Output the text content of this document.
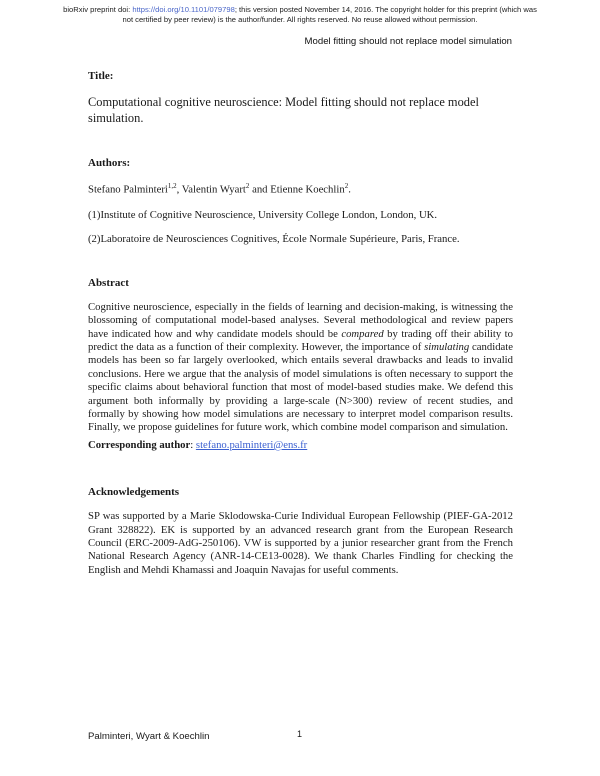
bioRxiv preprint doi: https://doi.org/10.1101/079798; this version posted November 14, 2016. The copyright holder for this preprint (which was
not certified by peer review) is the author/funder. All rights reserved. No reuse allowed without permission.
Model fitting should not replace model simulation

Title:

Computational cognitive neuroscience: Model fitting should not replace model simulation.

Authors:

Stefano Palminteri$^{1,2}$, Valentin Wyart$^2$ and Etienne Koechlin$^2$.

(1)Institute of Cognitive Neuroscience, University College London, London, UK.

(2)Laboratoire de Neurosciences Cognitives, École Normale Supérieure, Paris, France.

Abstract

Cognitive neuroscience, especially in the fields of learning and decision-making, is witnessing the blossoming of computational model-based analyses. Several methodological and review papers have indicated how and why candidate models should be compared by trading off their ability to predict the data as a function of their complexity. However, the importance of simulating candidate models has been so far largely overlooked, which entails several drawbacks and leads to invalid conclusions. Here we argue that the analysis of model simulations is often necessary to support the specific claims about behavioral function that most of model-based studies make. We defend this argument both informally by providing a large-scale (N>300) review of recent studies, and formally by showing how model simulations are necessary to interpret model comparison results. Finally, we propose guidelines for future work, which combine model comparison and simulation.

Corresponding author: stefano.palminteri@ens.fr

Acknowledgements

SP was supported by a Marie Sklodowska-Curie Individual European Fellowship (PIEF-GA-2012 Grant 328822). EK is supported by an advanced research grant from the European Research Council (ERC-2009-AdG-250106). VW is supported by a junior researcher grant from the French National Research Agency (ANR-14-CE13-0028). We thank Charles Findling for checking the English and Mehdi Khamassi and Joaquin Navajas for useful comments.

Palminteri, Wyart & Koechlin	1
